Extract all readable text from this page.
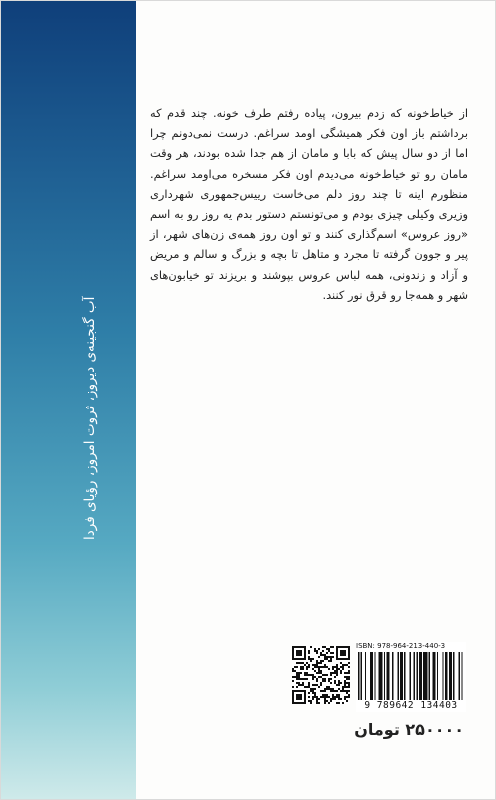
آب گنجینه‌ی دیروز، ثروت امروز، رؤیای فردا

از خیاط‌خونه که زدم بیرون، پیاده رفتم طرف خونه. چند قدم که برداشتم باز اون فکر همیشگی اومد سراغم. درست نمی‌دونم چرا اما از دو سال پیش که بابا و مامان از هم جدا شده بودند، هر وقت مامان رو تو خیاط‌خونه می‌دیدم اون فکر مسخره می‌اومد سراغم. منظورم اینه تا چند روز دلم می‌خاست رییس‌جمهوری شهرداری وزیری وکیلی چیزی بودم و می‌تونستم دستور بدم یه روز رو به اسم «روز عروس» اسم‌گذاری کنند و تو اون روز همه‌ی زن‌های شهر، از پیر و جوون گرفته تا مجرد و متاهل تا بچه و بزرگ و سالم و مریض و آزاد و زندونی، همه لباس عروس بپوشند و بریزند تو خیابون‌های شهر و همه‌جا رو قرق نور کنند.

ISBN: 978-964-213-440-3
9 789642 134403
۲۵۰۰۰۰ تومان
